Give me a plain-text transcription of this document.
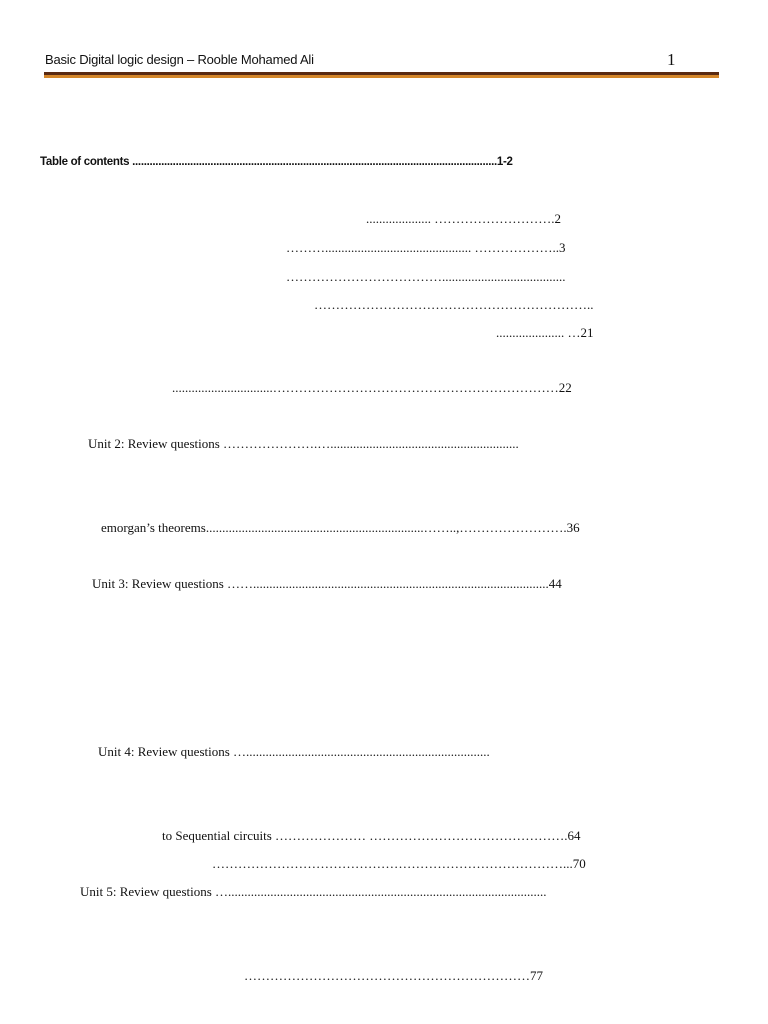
Basic Digital logic design – Rooble Mohamed Ali	1
Table of contents ..............................................................................................................................1-2
.................... ……………………….2
………............................................. ………………..3
………………………………......................................
………………………………………………………..
..................... …21
...............................…………………………………………………………22
Unit 2: Review questions ………………….…..........................................................
emorgan’s theorems...................................................................……..,…………………….36
Unit 3: Review questions ……...........................................................................................44
Unit 4: Review questions …...........................................................................
to Sequential circuits ………………… ……………………………………….64
………………………………………………………………………...70
Unit 5: Review questions …..................................................................................................
…………………………………………………………77
